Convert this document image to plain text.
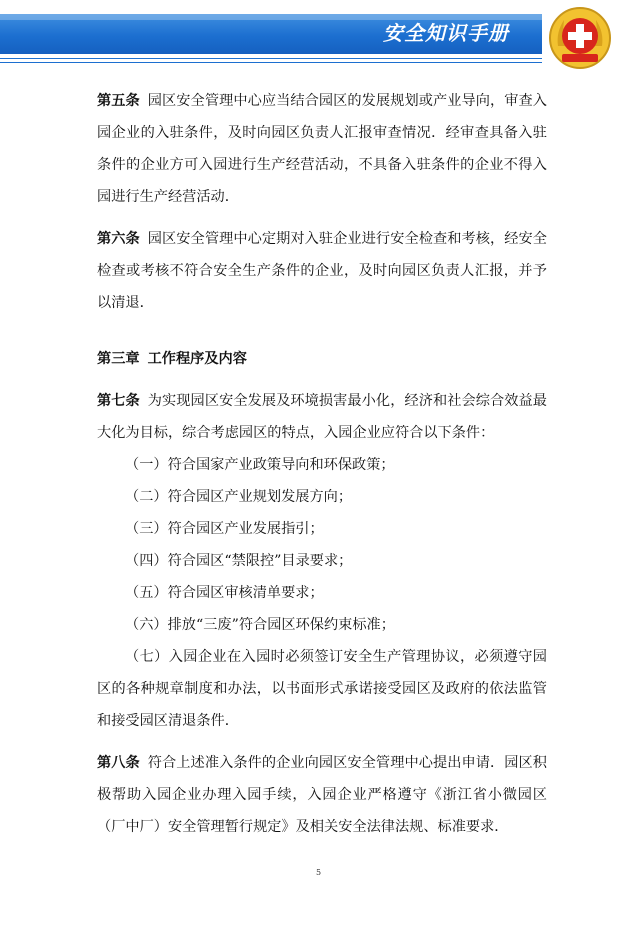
安全知识手册

第五条 园区安全管理中心应当结合园区的发展规划或产业导向，审查入园企业的入驻条件，及时向园区负责人汇报审查情况．经审查具备入驻条件的企业方可入园进行生产经营活动，不具备入驻条件的企业不得入园进行生产经营活动．

第六条 园区安全管理中心定期对入驻企业进行安全检查和考核，经安全检查或考核不符合安全生产条件的企业，及时向园区负责人汇报，并予以清退．

第三章 工作程序及内容

第七条 为实现园区安全发展及环境损害最小化，经济和社会综合效益最大化为目标，综合考虑园区的特点，入园企业应符合以下条件：

（一）符合国家产业政策导向和环保政策；

（二）符合园区产业规划发展方向；

（三）符合园区产业发展指引；

（四）符合园区“禁限控”目录要求；

（五）符合园区审核清单要求；

（六）排放“三废”符合园区环保约束标准；

（七）入园企业在入园时必须签订安全生产管理协议，必须遵守园区的各种规章制度和办法，以书面形式承诺接受园区及政府的依法监管和接受园区清退条件．

第八条 符合上述准入条件的企业向园区安全管理中心提出申请．园区积极帮助入园企业办理入园手续，入园企业严格遵守《浙江省小微园区（厂中厂）安全管理暂行规定》及相关安全法律法规、标准要求．

5
